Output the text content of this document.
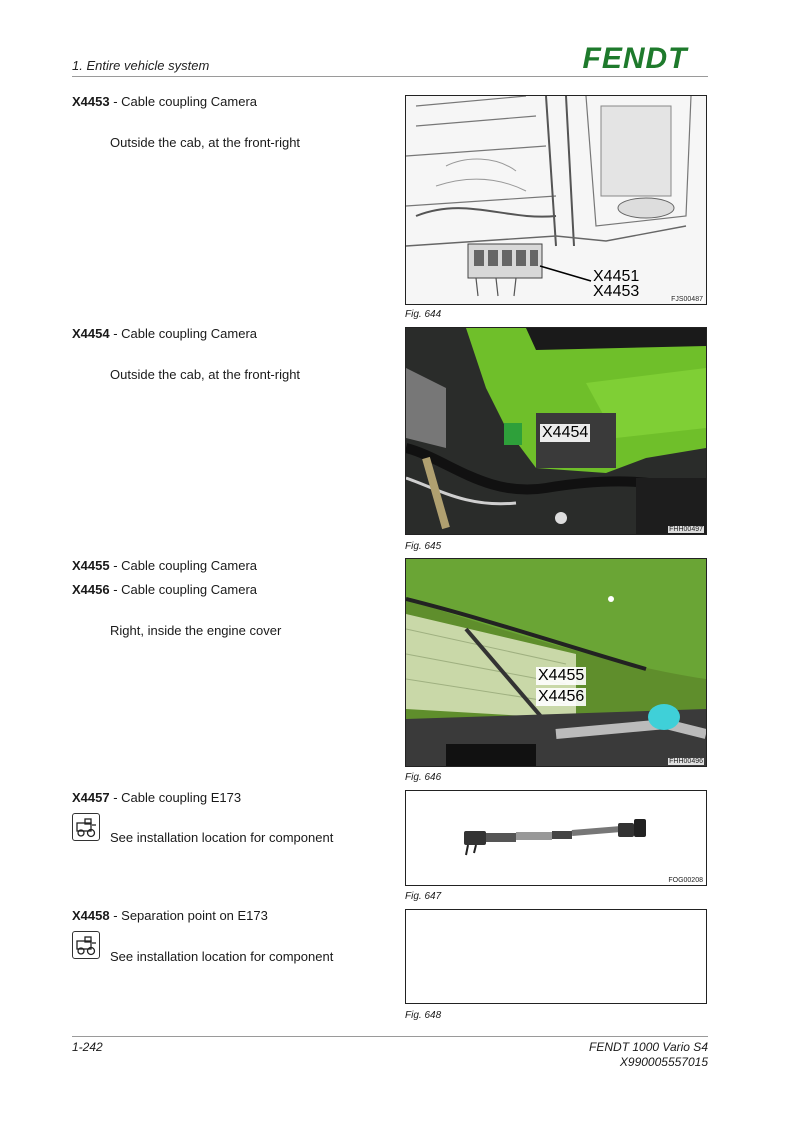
1. Entire vehicle system	FENDT
X4453 - Cable coupling Camera
Outside the cab, at the front-right
X4451
X4453	FJS00487
Fig. 644
X4454 - Cable coupling Camera
Outside the cab, at the front-right
X4454
FHH00497
Fig. 645
X4455 - Cable coupling Camera
X4456 - Cable coupling Camera
Right, inside the engine cover
X4455
X4456
FHH00496
Fig. 646
X4457 - Cable coupling E173
See installation location for component
FOG00208
Fig. 647
X4458 - Separation point on E173
See installation location for component
Fig. 648
1-242	FENDT 1000 Vario S4
X990005557015
